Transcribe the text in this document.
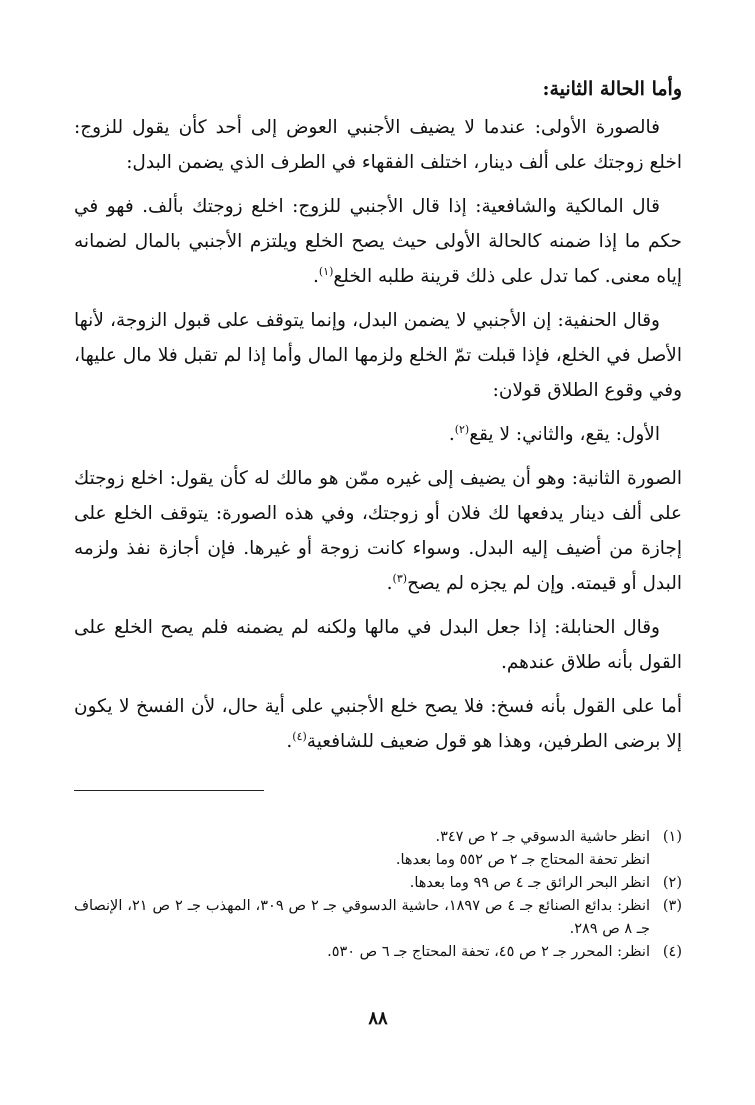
وأما الحالة الثانية:

فالصورة الأولى: عندما لا يضيف الأجنبي العوض إلى أحد كأن يقول للزوج: اخلع زوجتك على ألف دينار، اختلف الفقهاء في الطرف الذي يضمن البدل:

قال المالكية والشافعية: إذا قال الأجنبي للزوج: اخلع زوجتك بألف. فهو في حكم ما إذا ضمنه كالحالة الأولى حيث يصح الخلع ويلتزم الأجنبي بالمال لضمانه إياه معنى. كما تدل على ذلك قرينة طلبه الخلع$^{(١)}$.

وقال الحنفية: إن الأجنبي لا يضمن البدل، وإنما يتوقف على قبول الزوجة، لأنها الأصل في الخلع، فإذا قبلت تمّ الخلع ولزمها المال وأما إذا لم تقبل فلا مال عليها، وفي وقوع الطلاق قولان:

الأول: يقع، والثاني: لا يقع$^{(٢)}$.

الصورة الثانية: وهو أن يضيف إلى غيره ممّن هو مالك له كأن يقول: اخلع زوجتك على ألف دينار يدفعها لك فلان أو زوجتك، وفي هذه الصورة: يتوقف الخلع على إجازة من أضيف إليه البدل. وسواء كانت زوجة أو غيرها. فإن أجازة نفذ ولزمه البدل أو قيمته. وإن لم يجزه لم يصح$^{(٣)}$.

وقال الحنابلة: إذا جعل البدل في مالها ولكنه لم يضمنه فلم يصح الخلع على القول بأنه طلاق عندهم.

أما على القول بأنه فسخ: فلا يصح خلع الأجنبي على أية حال، لأن الفسخ لا يكون إلا برضى الطرفين، وهذا هو قول ضعيف للشافعية$^{(٤)}$.

(١)
انظر حاشية الدسوقي جـ ٢ ص ٣٤٧.
انظر تحفة المحتاج جـ ٢ ص ٥٥٢ وما بعدها.
(٢)
انظر البحر الرائق جـ ٤ ص ٩٩ وما بعدها.
(٣)
انظر: بدائع الصنائع جـ ٤ ص ١٨٩٧، حاشية الدسوقي جـ ٢ ص ٣٠٩، المهذب جـ ٢ ص ٢١، الإنصاف جـ ٨ ص ٢٨٩.
(٤)
انظر: المحرر جـ ٢ ص ٤٥، تحفة المحتاج جـ ٦ ص ٥٣٠.
٨٨
